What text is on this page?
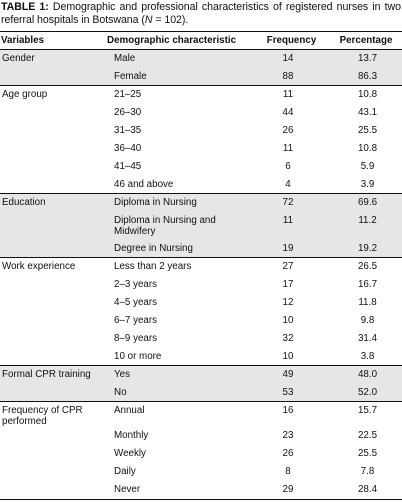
TABLE 1: Demographic and professional characteristics of registered nurses in two referral hospitals in Botswana (N = 102).
Variables	Demographic characteristic	Frequency	Percentage
Gender	Male	14	13.7
	Female	88	86.3
Age group	21–25	11	10.8
	26–30	44	43.1
	31–35	26	25.5
	36–40	11	10.8
	41–45	6	5.9
	46 and above	4	3.9
Education	Diploma in Nursing	72	69.6
	Diploma in Nursing and Midwifery	11	11.2
	Degree in Nursing	19	19.2
Work experience	Less than 2 years	27	26.5
	2–3 years	17	16.7
	4–5 years	12	11.8
	6–7 years	10	9.8
	8–9 years	32	31.4
	10 or more	10	3.8
Formal CPR training	Yes	49	48.0
	No	53	52.0
Frequency of CPR performed	Annual	16	15.7
	Monthly	23	22.5
	Weekly	26	25.5
	Daily	8	7.8
	Never	29	28.4
